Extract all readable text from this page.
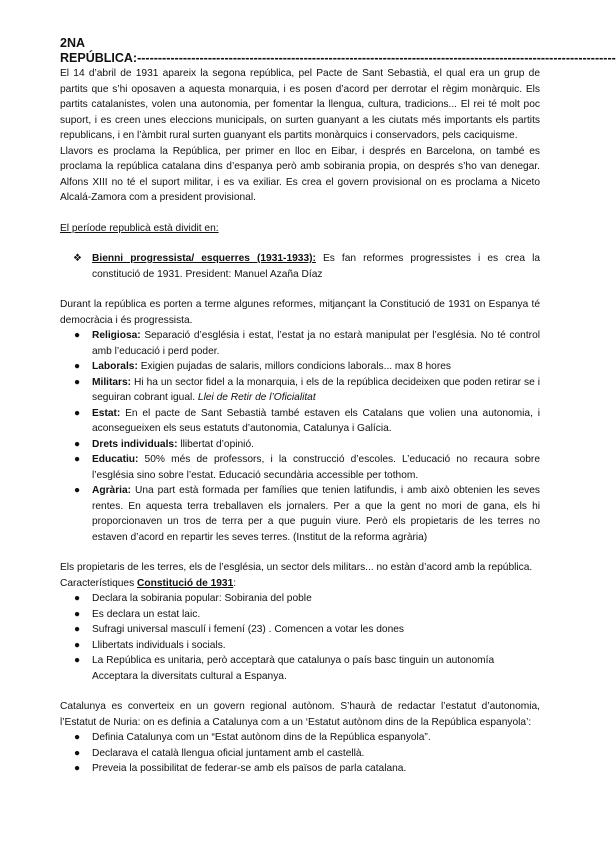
2NA
REPÚBLICA:-------------------------------------------------------------------------------------------------------------------

El 14 d’abril de 1931 apareix la segona república, pel Pacte de Sant Sebastià, el qual era un grup de partits que s’hi oposaven a aquesta monarquia, i es posen d’acord per derrotar el règim monàrquic. Els partits catalanistes, volen una autonomia, per fomentar la llengua, cultura, tradicions... El rei té molt poc suport, i es creen unes eleccions municipals, on surten guanyant a les ciutats més importants els partits republicans, i en l’àmbit rural surten guanyant els partits monàrquics i conservadors, pels caciquisme.

Llavors es proclama la República, per primer en lloc en Eibar, i després en Barcelona, on també es proclama la república catalana dins d’espanya però amb sobirania propia, on després s’ho van denegar. Alfons XIII no té el suport militar, i es va exiliar. Es crea el govern provisional on es proclama a Niceto Alcalá-Zamora com a president provisional.

El període republicà està dividit en:

❖ Bienni progressista/ esquerres (1931-1933): Es fan reformes progressistes i es crea la constitució de 1931. President: Manuel Azaña Díaz

Durant la república es porten a terme algunes reformes, mitjançant la Constitució de 1931 on Espanya té democràcia i és progressista.

● Religiosa: Separació d’església i estat, l’estat ja no estarà manipulat per l’església. No té control amb l’educació i perd poder.
● Laborals: Exigien pujadas de salaris, millors condicions laborals... max 8 hores
● Militars: Hi ha un sector fidel a la monarquia, i els de la república decideixen que poden retirar se i seguiran cobrant igual. Llei de Retir de l’Oficialitat
● Estat: En el pacte de Sant Sebastià també estaven els Catalans que volien una autonomia, i aconsegueixen els seus estatuts d’autonomia, Catalunya i Galícia.
● Drets individuals: llibertat d’opinió.
● Educatiu: 50% més de professors, i la construcció d’escoles. L’educació no recaura sobre l’església sino sobre l’estat. Educació secundària accessible per tothom.
● Agrària: Una part està formada per famílies que tenien latifundis, i amb això obtenien les seves rentes. En aquesta terra treballaven els jornalers. Per a que la gent no mori de gana, els hi proporcionaven un tros de terra per a que puguin viure. Però els propietaris de les terres no estaven d’acord en repartir les seves terres. (Institut de la reforma agrària)

Els propietaris de les terres, els de l’església, un sector dels militars... no estàn d’acord amb la república.

Característiques Constitució de 1931:

● Declara la sobirania popular: Sobirania del poble
● Es declara un estat laic.
● Sufragi universal masculí i femení (23) . Comencen a votar les dones
● Llibertats individuals i socials.
● La República es unitaria, però acceptarà que catalunya o país basc tinguin un autonomía Acceptara la diversitats cultural a Espanya.

Catalunya es converteix en un govern regional autònom. S’haurà de redactar l’estatut d’autonomia, l’Estatut de Nuria: on es definia a Catalunya com a un ‘Estatut autònom dins de la República espanyola’:

● Definia Catalunya com un “Estat autònom dins de la República espanyola”.
● Declarava el català llengua oficial juntament amb el castellà.
● Preveia la possibilitat de federar-se amb els països de parla catalana.
